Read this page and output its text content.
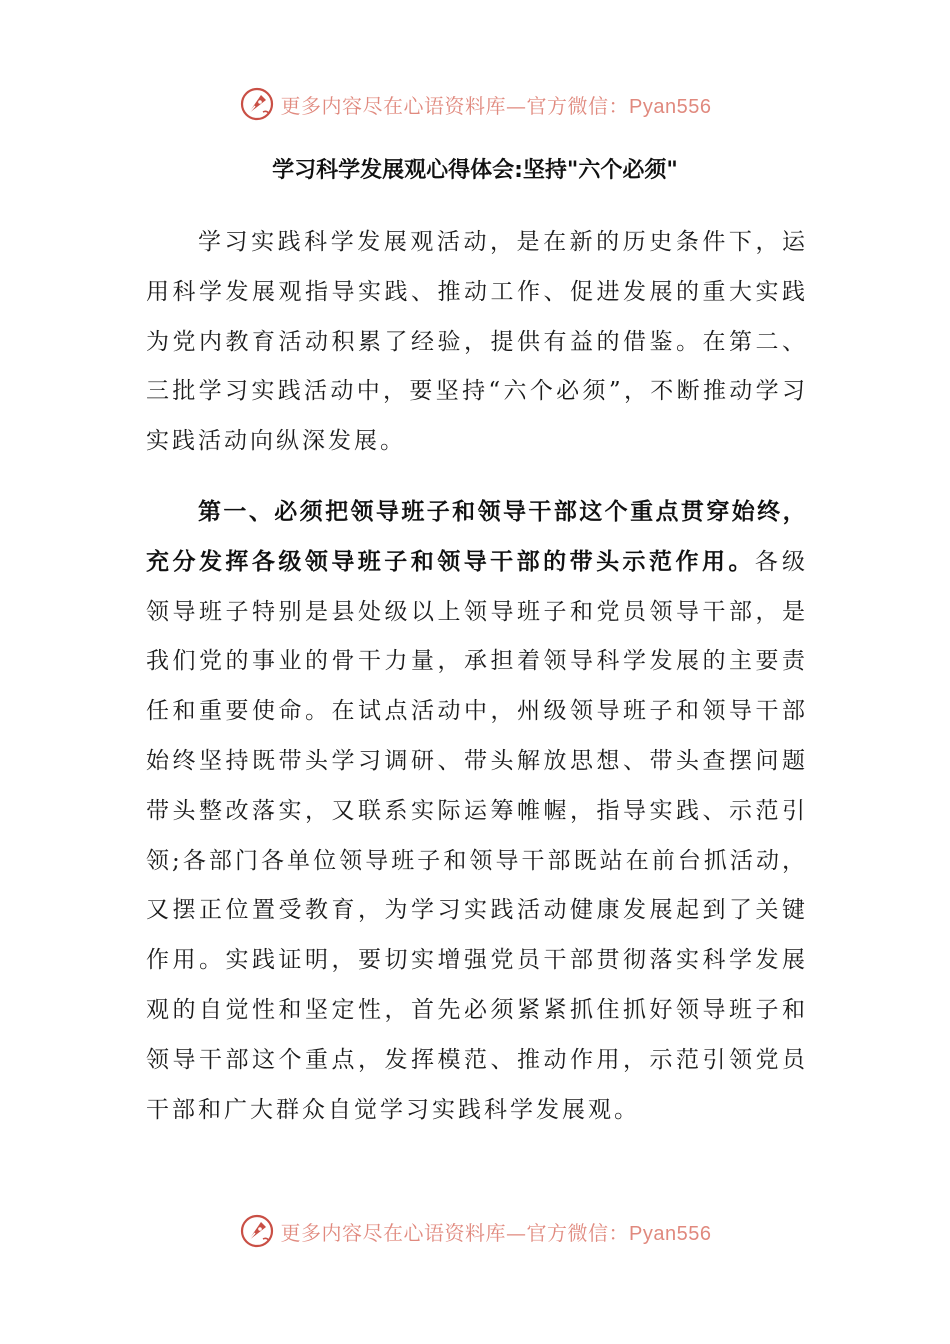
更多内容尽在心语资料库—官方微信：Pyan556
学习科学发展观心得体会:坚持"六个必须"

学习实践科学发展观活动，是在新的历史条件下，运用科学发展观指导实践、推动工作、促进发展的重大实践为党内教育活动积累了经验，提供有益的借鉴。在第二、三批学习实践活动中，要坚持“六个必须”，不断推动学习实践活动向纵深发展。

第一、必须把领导班子和领导干部这个重点贯穿始终，充分发挥各级领导班子和领导干部的带头示范作用。各级领导班子特别是县处级以上领导班子和党员领导干部，是我们党的事业的骨干力量，承担着领导科学发展的主要责任和重要使命。在试点活动中，州级领导班子和领导干部始终坚持既带头学习调研、带头解放思想、带头查摆问题带头整改落实，又联系实际运筹帷幄，指导实践、示范引领;各部门各单位领导班子和领导干部既站在前台抓活动，又摆正位置受教育，为学习实践活动健康发展起到了关键作用。实践证明，要切实增强党员干部贯彻落实科学发展观的自觉性和坚定性，首先必须紧紧抓住抓好领导班子和领导干部这个重点，发挥模范、推动作用，示范引领党员干部和广大群众自觉学习实践科学发展观。

更多内容尽在心语资料库—官方微信：Pyan556
